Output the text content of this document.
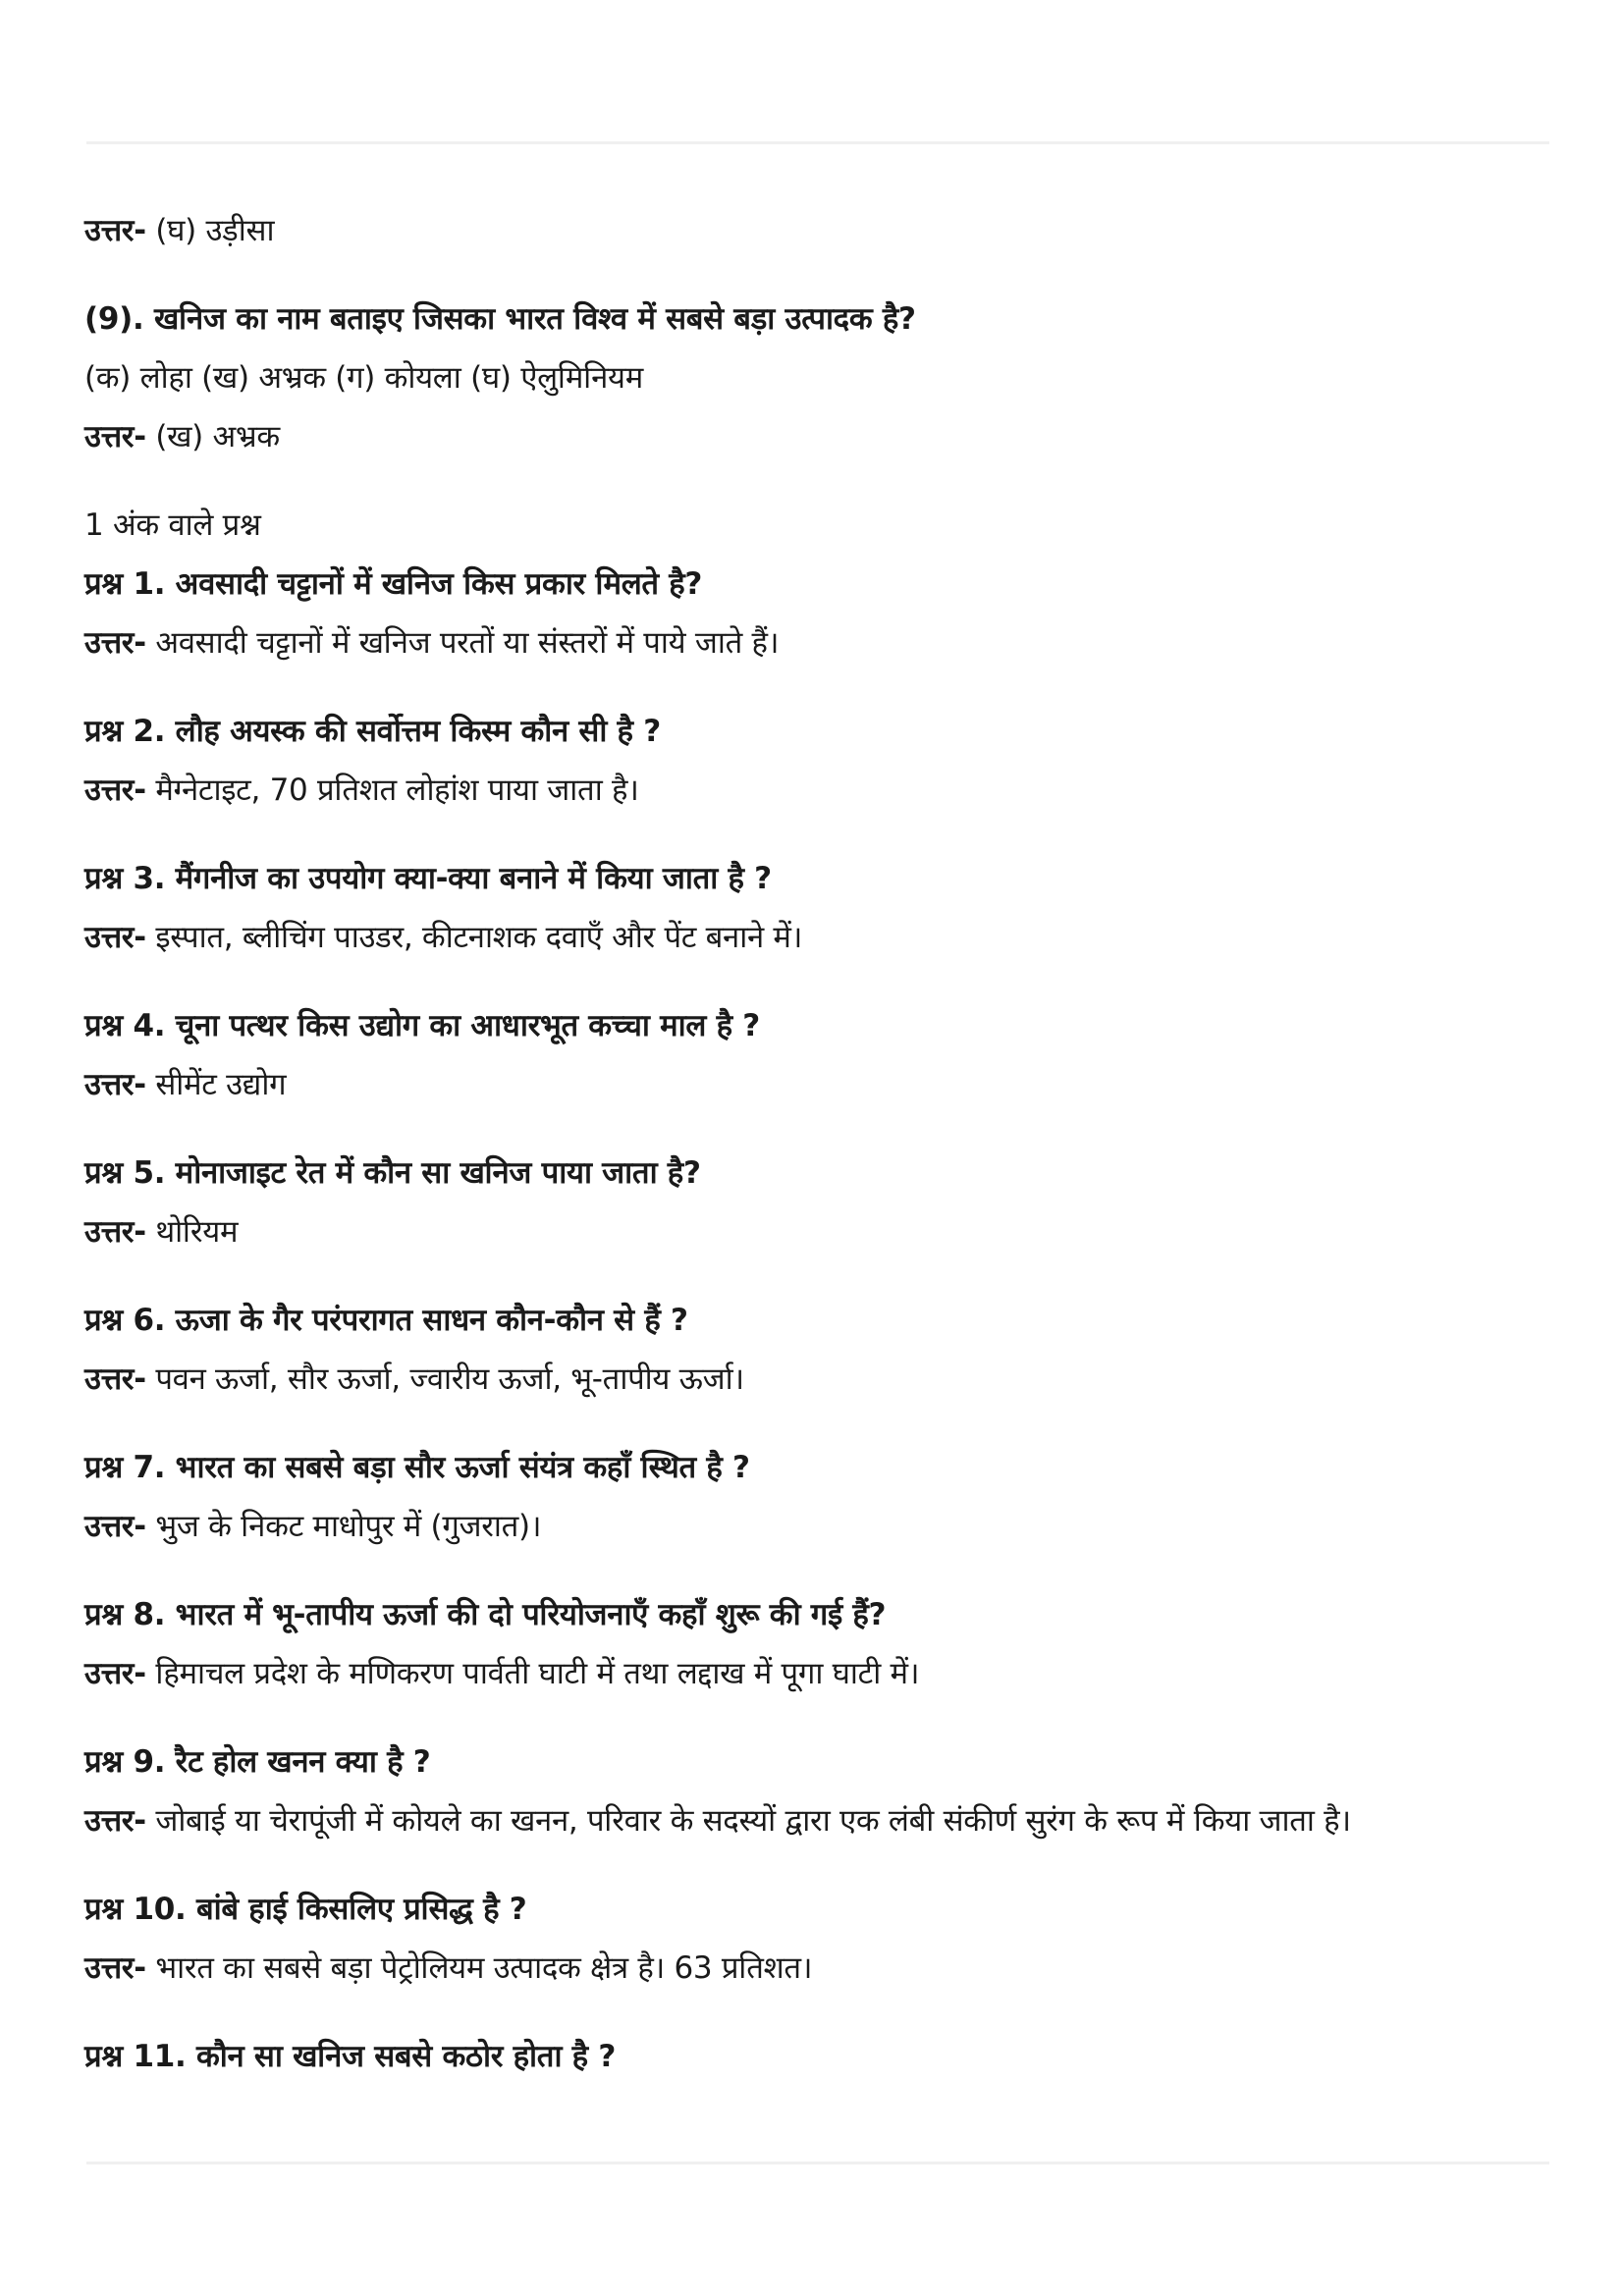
उत्तर- (घ) उड़ीसा
(9). खनिज का नाम बताइए जिसका भारत विश्व में सबसे बड़ा उत्पादक है?
(क) लोहा (ख) अभ्रक (ग) कोयला (घ) ऐलुमिनियम
उत्तर- (ख) अभ्रक
1 अंक वाले प्रश्न
प्रश्न 1. अवसादी चट्टानों में खनिज किस प्रकार मिलते है?
उत्तर- अवसादी चट्टानों में खनिज परतों या संस्तरों में पाये जाते हैं।
प्रश्न 2. लौह अयस्क की सर्वोत्तम किस्म कौन सी है ?
उत्तर- मैग्नेटाइट, 70 प्रतिशत लोहांश पाया जाता है।
प्रश्न 3. मैंगनीज का उपयोग क्या-क्या बनाने में किया जाता है ?
उत्तर- इस्पात, ब्लीचिंग पाउडर, कीटनाशक दवाएँ और पेंट बनाने में।
प्रश्न 4. चूना पत्थर किस उद्योग का आधारभूत कच्चा माल है ?
उत्तर- सीमेंट उद्योग
प्रश्न 5. मोनाजाइट रेत में कौन सा खनिज पाया जाता है?
उत्तर- थोरियम
प्रश्न 6. ऊजा के गैर परंपरागत साधन कौन-कौन से हैं ?
उत्तर- पवन ऊर्जा, सौर ऊर्जा, ज्वारीय ऊर्जा, भू-तापीय ऊर्जा।
प्रश्न 7. भारत का सबसे बड़ा सौर ऊर्जा संयंत्र कहाँ स्थित है ?
उत्तर- भुज के निकट माधोपुर में (गुजरात)।
प्रश्न 8. भारत में भू-तापीय ऊर्जा की दो परियोजनाएँ कहाँ शुरू की गई हैं?
उत्तर- हिमाचल प्रदेश के मणिकरण पार्वती घाटी में तथा लद्दाख में पूगा घाटी में।
प्रश्न 9. रैट होल खनन क्या है ?
उत्तर- जोबाई या चेरापूंजी में कोयले का खनन, परिवार के सदस्यों द्वारा एक लंबी संकीर्ण सुरंग के रूप में किया जाता है।
प्रश्न 10. बांबे हाई किसलिए प्रसिद्ध है ?
उत्तर- भारत का सबसे बड़ा पेट्रोलियम उत्पादक क्षेत्र है। 63 प्रतिशत।
प्रश्न 11. कौन सा खनिज सबसे कठोर होता है ?
